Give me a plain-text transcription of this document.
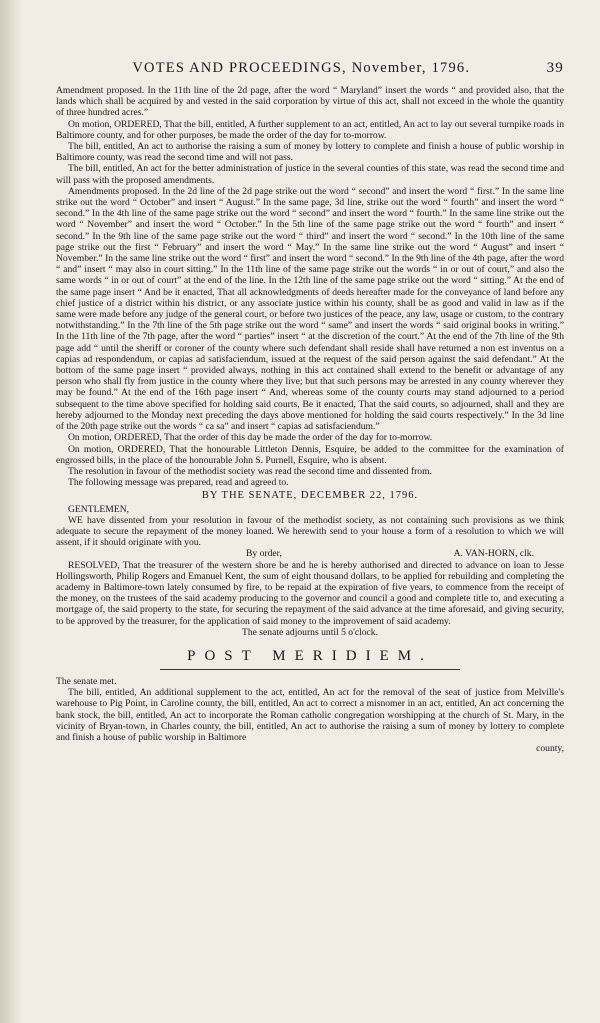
VOTES AND PROCEEDINGS, November, 1796.	39

Amendment proposed. In the 11th line of the 2d page, after the word “ Maryland” insert the words “ and provided also, that the lands which shall be acquired by and vested in the said corporation by virtue of this act, shall not exceed in the whole the quantity of three hundred acres.”

On motion, ORDERED, That the bill, entitled, A further supplement to an act, entitled, An act to lay out several turnpike roads in Baltimore county, and for other purposes, be made the order of the day for to-morrow.

The bill, entitled, An act to authorise the raising a sum of money by lottery to complete and finish a house of public worship in Baltimore county, was read the second time and will not pass.

The bill, entitled, An act for the better administration of justice in the several counties of this state, was read the second time and will pass with the proposed amendments.

Amendments proposed. In the 2d line of the 2d page strike out the word “ second” and insert the word “ first.” In the same line strike out the word “ October” and insert “ August.” In the same page, 3d line, strike out the word “ fourth” and insert the word “ second.” In the 4th line of the same page strike out the word “ second” and insert the word “ fourth.” In the same line strike out the word “ November” and insert the word “ October.” In the 5th line of the same page strike out the word “ fourth” and insert “ second.” In the 9th line of the same page strike out the word “ third” and insert the word “ second.” In the 10th line of the same page strike out the first “ February” and insert the word “ May.” In the same line strike out the word “ August” and insert “ November.” In the same line strike out the word “ first” and insert the word “ second.” In the 9th line of the 4th page, after the word “ and” insert “ may also in court sitting.” In the 11th line of the same page strike out the words “ in or out of court,” and also the same words “ in or out of court” at the end of the line. In the 12th line of the same page strike out the word “ sitting.” At the end of the same page insert “ And be it enacted, That all acknowledgments of deeds hereafter made for the conveyance of land before any chief justice of a district within his district, or any associate justice within his county, shall be as good and valid in law as if the same were made before any judge of the general court, or before two justices of the peace, any law, usage or custom, to the contrary notwithstanding.” In the 7th line of the 5th page strike out the word “ same” and insert the words “ said original books in writing.” In the 11th line of the 7th page, after the word “ parties” insert “ at the discretion of the court.” At the end of the 7th line of the 9th page add “ until the sheriff or coroner of the county where such defendant shall reside shall have returned a non est inventus on a capias ad respondendum, or capias ad satisfaciendum, issued at the request of the said person against the said defendant.” At the bottom of the same page insert “ provided always, nothing in this act contained shall extend to the benefit or advantage of any person who shall fly from justice in the county where they live; but that such persons may be arrested in any county wherever they may be found.” At the end of the 16th page insert “ And, whereas some of the county courts may stand adjourned to a period subsequent to the time above specified for holding said courts, Be it enacted, That the said courts, so adjourned, shall and they are hereby adjourned to the Monday next preceding the days above mentioned for holding the said courts respectively.” In the 3d line of the 20th page strike out the words “ ca sa” and insert “ capias ad satisfaciendum.”

On motion, ORDERED, That the order of this day be made the order of the day for to-morrow.

On motion, ORDERED, That the honourable Littleton Dennis, Esquire, be added to the committee for the examination of engrossed bills, in the place of the honourable John S. Purnell, Esquire, who is absent.

The resolution in favour of the methodist society was read the second time and dissented from.

The following message was prepared, read and agreed to.

BY THE SENATE, DECEMBER 22, 1796.

GENTLEMEN,

WE have dissented from your resolution in favour of the methodist society, as not containing such provisions as we think adequate to secure the repayment of the money loaned. We herewith send to your house a form of a resolution to which we will assent, if it should originate with you.

By order,	A. VAN-HORN, clk.

RESOLVED, That the treasurer of the western shore be and he is hereby authorised and directed to advance on loan to Jesse Hollingsworth, Philip Rogers and Emanuel Kent, the sum of eight thousand dollars, to be applied for rebuilding and completing the academy in Baltimore-town lately consumed by fire, to be repaid at the expiration of five years, to commence from the receipt of the money, on the trustees of the said academy producing to the governor and council a good and complete title to, and executing a mortgage of, the said property to the state, for securing the repayment of the said advance at the time aforesaid, and giving security, to be approved by the treasurer, for the application of said money to the improvement of said academy.

The senate adjourns until 5 o'clock.
POST MERIDIEM.

The senate met.

The bill, entitled, An additional supplement to the act, entitled, An act for the removal of the seat of justice from Melville's warehouse to Pig Point, in Caroline county, the bill, entitled, An act to correct a misnomer in an act, entitled, An act concerning the bank stock, the bill, entitled, An act to incorporate the Roman catholic congregation worshipping at the church of St. Mary, in the vicinity of Bryan-town, in Charles county, the bill, entitled, An act to authorise the raising a sum of money by lottery to complete and finish a house of public worship in Baltimore

county,
